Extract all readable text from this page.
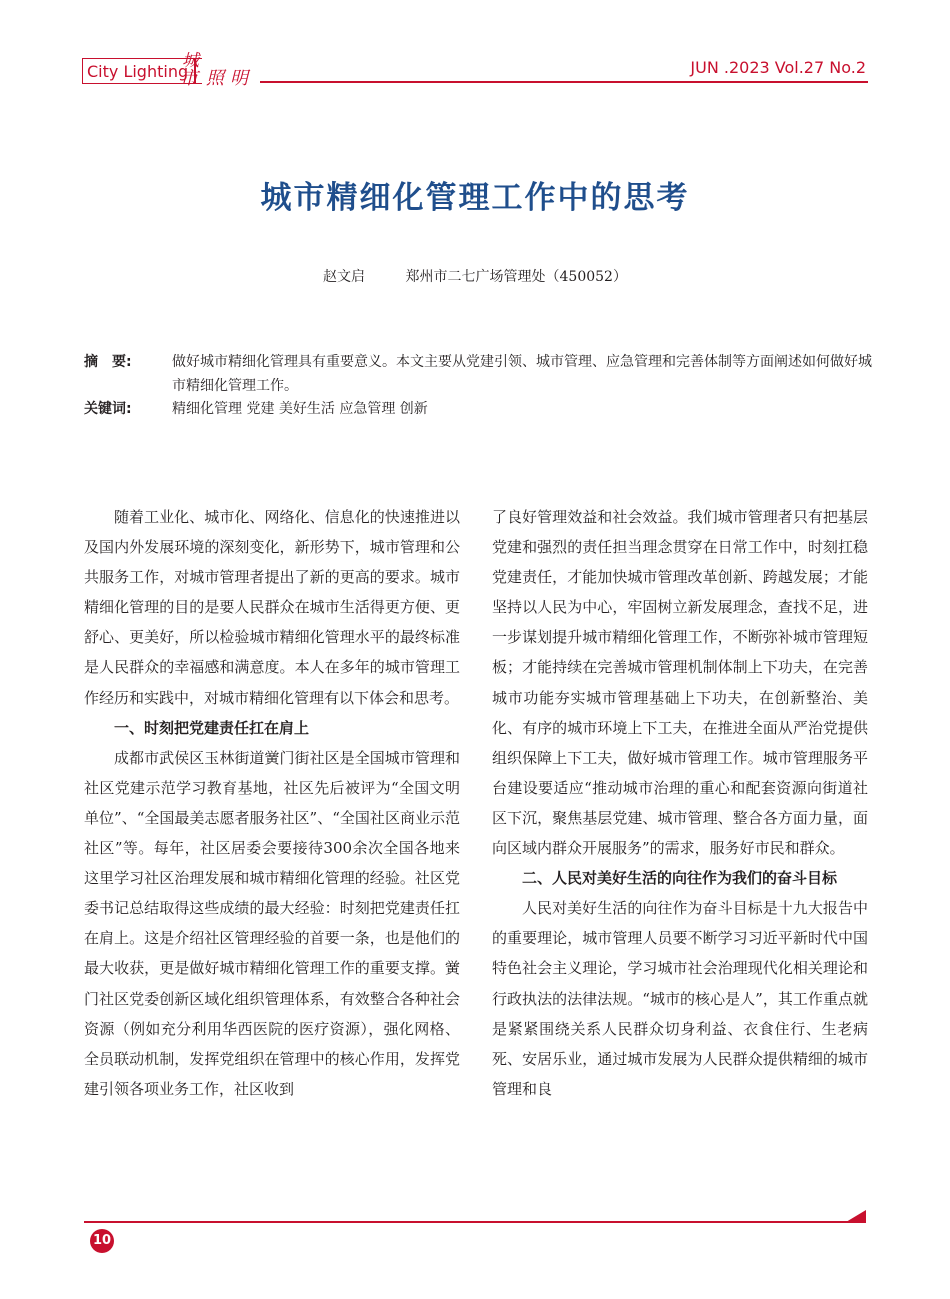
City Lighting
城
市 照 明
JUN .2023 Vol.27 No.2
城市精细化管理工作中的思考
赵文启	郑州市二七广场管理处（450052）
摘　要:	做好城市精细化管理具有重要意义。本文主要从党建引领、城市管理、应急管理和完善体制等方面阐述如何做好城市精细化管理工作。
关键词:	精细化管理 党建 美好生活 应急管理 创新

随着工业化、城市化、网络化、信息化的快速推进以及国内外发展环境的深刻变化，新形势下，城市管理和公共服务工作，对城市管理者提出了新的更高的要求。城市精细化管理的目的是要人民群众在城市生活得更方便、更舒心、更美好，所以检验城市精细化管理水平的最终标准是人民群众的幸福感和满意度。本人在多年的城市管理工作经历和实践中，对城市精细化管理有以下体会和思考。

一、时刻把党建责任扛在肩上

成都市武侯区玉林街道黉门街社区是全国城市管理和社区党建示范学习教育基地，社区先后被评为“全国文明单位”、“全国最美志愿者服务社区”、“全国社区商业示范社区”等。每年，社区居委会要接待300余次全国各地来这里学习社区治理发展和城市精细化管理的经验。社区党委书记总结取得这些成绩的最大经验：时刻把党建责任扛在肩上。这是介绍社区管理经验的首要一条，也是他们的最大收获，更是做好城市精细化管理工作的重要支撑。黉门社区党委创新区域化组织管理体系，有效整合各种社会资源（例如充分利用华西医院的医疗资源），强化网格、全员联动机制，发挥党组织在管理中的核心作用，发挥党建引领各项业务工作，社区收到

了良好管理效益和社会效益。我们城市管理者只有把基层党建和强烈的责任担当理念贯穿在日常工作中，时刻扛稳党建责任，才能加快城市管理改革创新、跨越发展；才能坚持以人民为中心，牢固树立新发展理念，查找不足，进一步谋划提升城市精细化管理工作，不断弥补城市管理短板；才能持续在完善城市管理机制体制上下功夫，在完善城市功能夯实城市管理基础上下功夫，在创新整治、美化、有序的城市环境上下工夫，在推进全面从严治党提供组织保障上下工夫，做好城市管理工作。城市管理服务平台建设要适应“推动城市治理的重心和配套资源向街道社区下沉，聚焦基层党建、城市管理、整合各方面力量，面向区域内群众开展服务”的需求，服务好市民和群众。

二、人民对美好生活的向往作为我们的奋斗目标

人民对美好生活的向往作为奋斗目标是十九大报告中的重要理论，城市管理人员要不断学习习近平新时代中国特色社会主义理论，学习城市社会治理现代化相关理论和行政执法的法律法规。“城市的核心是人”，其工作重点就是紧紧围绕关系人民群众切身利益、衣食住行、生老病死、安居乐业，通过城市发展为人民群众提供精细的城市管理和良

10
